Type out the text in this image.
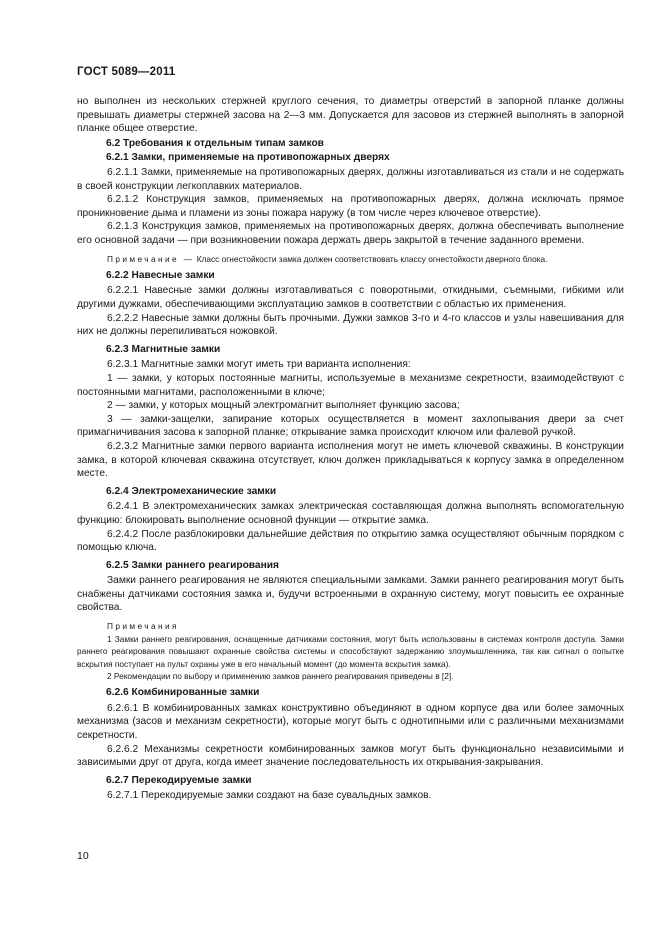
ГОСТ 5089—2011

но выполнен из нескольких стержней круглого сечения, то диаметры отверстий в запорной планке должны превышать диаметры стержней засова на 2—3 мм. Допускается для засовов из стержней выполнять в запорной планке общее отверстие.

6.2 Требования к отдельным типам замков

6.2.1 Замки, применяемые на противопожарных дверях

6.2.1.1 Замки, применяемые на противопожарных дверях, должны изготавливаться из стали и не содержать в своей конструкции легкоплавких материалов.

6.2.1.2 Конструкция замков, применяемых на противопожарных дверях, должна исключать прямое проникновение дыма и пламени из зоны пожара наружу (в том числе через ключевое отверстие).

6.2.1.3 Конструкция замков, применяемых на противопожарных дверях, должна обеспечивать выполнение его основной задачи — при возникновении пожара держать дверь закрытой в течение заданного времени.

Примечание — Класс огнестойкости замка должен соответствовать классу огнестойкости дверного блока.

6.2.2 Навесные замки

6.2.2.1 Навесные замки должны изготавливаться с поворотными, откидными, съемными, гибкими или другими дужками, обеспечивающими эксплуатацию замков в соответствии с областью их применения.

6.2.2.2 Навесные замки должны быть прочными. Дужки замков 3-го и 4-го классов и узлы навешивания для них не должны перепиливаться ножовкой.

6.2.3 Магнитные замки

6.2.3.1 Магнитные замки могут иметь три варианта исполнения:

1 — замки, у которых постоянные магниты, используемые в механизме секретности, взаимодействуют с постоянными магнитами, расположенными в ключе;

2 — замки, у которых мощный электромагнит выполняет функцию засова;

3 — замки-защелки, запирание которых осуществляется в момент захлопывания двери за счет примагничивания засова к запорной планке; открывание замка происходит ключом или фалевой ручкой.

6.2.3.2 Магнитные замки первого варианта исполнения могут не иметь ключевой скважины. В конструкции замка, в которой ключевая скважина отсутствует, ключ должен прикладываться к корпусу замка в определенном месте.

6.2.4 Электромеханические замки

6.2.4.1 В электромеханических замках электрическая составляющая должна выполнять вспомогательную функцию: блокировать выполнение основной функции — открытие замка.

6.2.4.2 После разблокировки дальнейшие действия по открытию замка осуществляют обычным порядком с помощью ключа.

6.2.5 Замки раннего реагирования

Замки раннего реагирования не являются специальными замками. Замки раннего реагирования могут быть снабжены датчиками состояния замка и, будучи встроенными в охранную систему, могут повысить ее охранные свойства.

Примечания

1 Замки раннего реагирования, оснащенные датчиками состояния, могут быть использованы в системах контроля доступа. Замки раннего реагирования повышают охранные свойства системы и способствуют задержанию злоумышленника, так как сигнал о попытке вскрытия поступает на пульт охраны уже в его начальный момент (до момента вскрытия замка).

2 Рекомендации по выбору и применению замков раннего реагирования приведены в [2].

6.2.6 Комбинированные замки

6.2.6.1 В комбинированных замках конструктивно объединяют в одном корпусе два или более замочных механизма (засов и механизм секретности), которые могут быть с однотипными или с различными механизмами секретности.

6.2.6.2 Механизмы секретности комбинированных замков могут быть функционально независимыми и зависимыми друг от друга, когда имеет значение последовательность их открывания-закрывания.

6.2.7 Перекодируемые замки

6.2.7.1 Перекодируемые замки создают на базе сувальдных замков.

10
